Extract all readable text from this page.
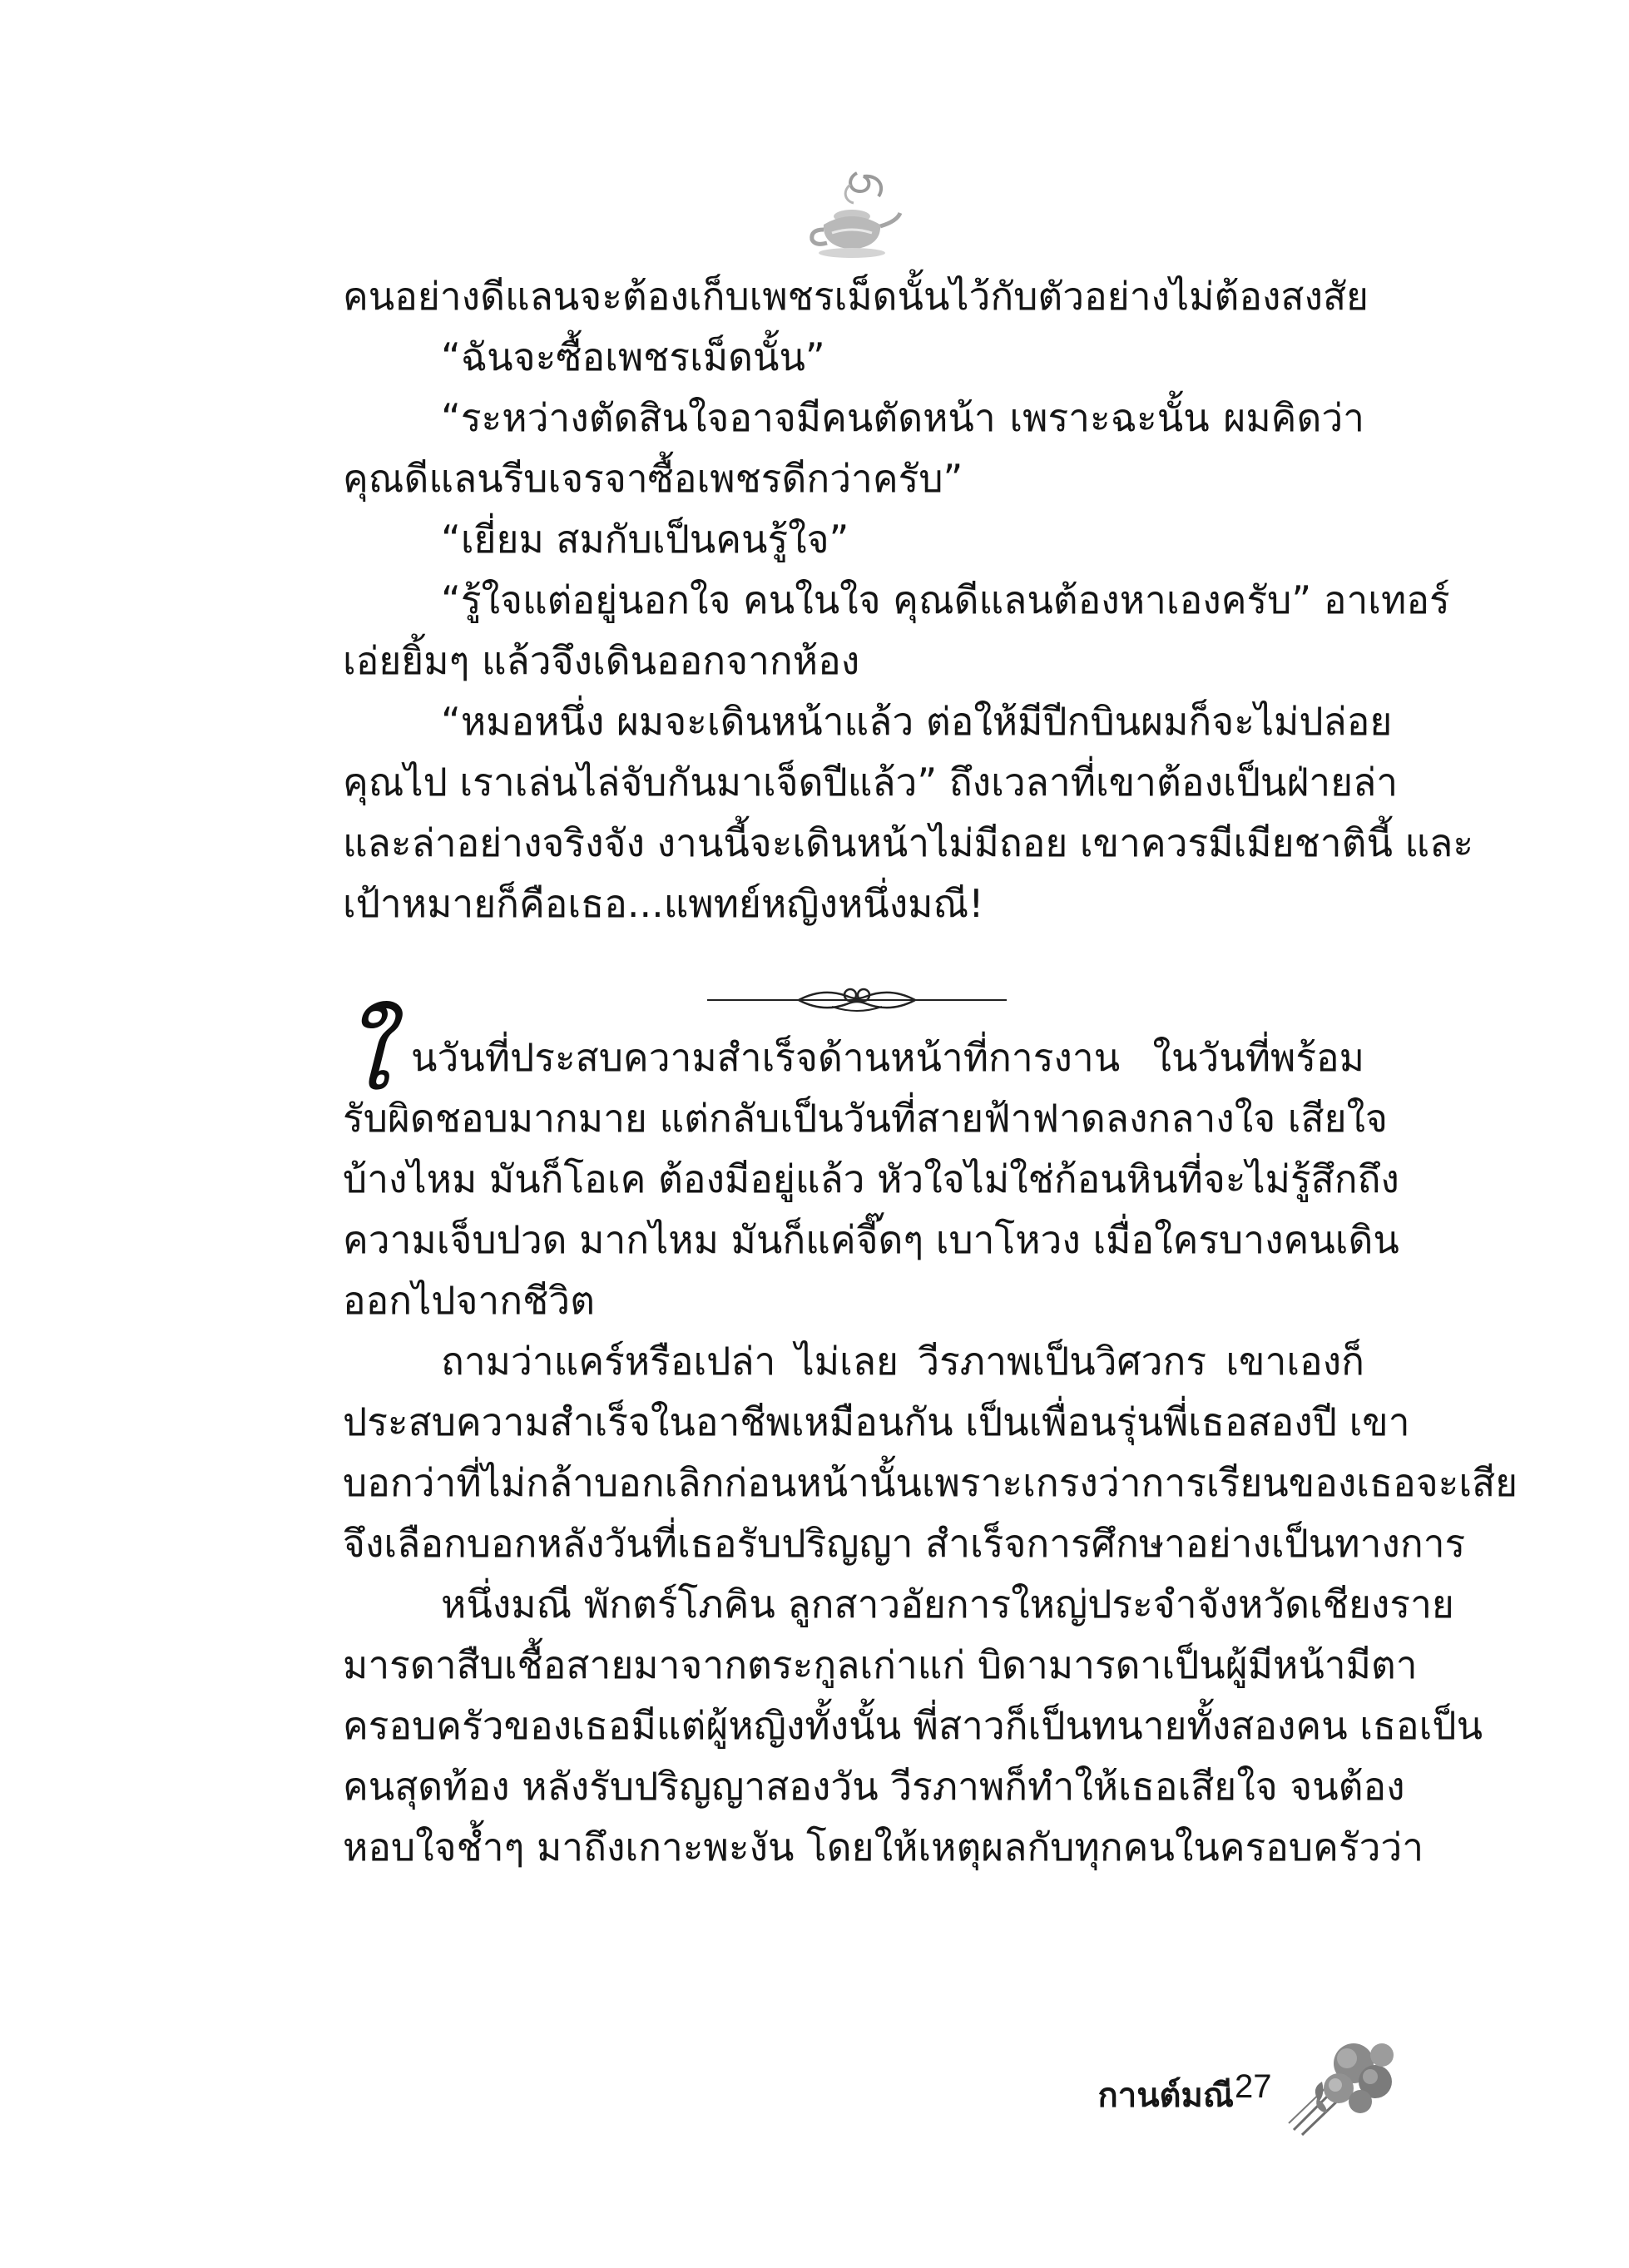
คนอย่างดีแลนจะต้องเก็บเพชรเม็ดนั้นไว้กับตัวอย่างไม่ต้องสงสัย
“ฉันจะซื้อเพชรเม็ดนั้น”
“ระหว่างตัดสินใจอาจมีคนตัดหน้า เพราะฉะนั้น ผมคิดว่า
คุณดีแลนรีบเจรจาซื้อเพชรดีกว่าครับ”
“เยี่ยม สมกับเป็นคนรู้ใจ”
“รู้ใจแต่อยู่นอกใจ คนในใจ คุณดีแลนต้องหาเองครับ” อาเทอร์
เอ่ยยิ้มๆ แล้วจึงเดินออกจากห้อง
“หมอหนึ่ง ผมจะเดินหน้าแล้ว ต่อให้มีปีกบินผมก็จะไม่ปล่อย
คุณไป เราเล่นไล่จับกันมาเจ็ดปีแล้ว” ถึงเวลาที่เขาต้องเป็นฝ่ายล่า
และล่าอย่างจริงจัง งานนี้จะเดินหน้าไม่มีถอย เขาควรมีเมียชาตินี้ และ
เป้าหมายก็คือเธอ...แพทย์หญิงหนึ่งมณี!
ใ นวันที่ประสบความสำเร็จด้านหน้าที่การงาน ในวันที่พร้อม
รับผิดชอบมากมาย แต่กลับเป็นวันที่สายฟ้าฟาดลงกลางใจ เสียใจ
บ้างไหม มันก็โอเค ต้องมีอยู่แล้ว หัวใจไม่ใช่ก้อนหินที่จะไม่รู้สึกถึง
ความเจ็บปวด มากไหม มันก็แค่จี๊ดๆ เบาโหวง เมื่อใครบางคนเดิน
ออกไปจากชีวิต
ถามว่าแคร์หรือเปล่า ไม่เลย วีรภาพเป็นวิศวกร เขาเองก็
ประสบความสำเร็จในอาชีพเหมือนกัน เป็นเพื่อนรุ่นพี่เธอสองปี เขา
บอกว่าที่ไม่กล้าบอกเลิกก่อนหน้านั้นเพราะเกรงว่าการเรียนของเธอจะเสีย
จึงเลือกบอกหลังวันที่เธอรับปริญญา สำเร็จการศึกษาอย่างเป็นทางการ
หนึ่งมณี พักตร์โภคิน ลูกสาวอัยการใหญ่ประจำจังหวัดเชียงราย
มารดาสืบเชื้อสายมาจากตระกูลเก่าแก่ บิดามารดาเป็นผู้มีหน้ามีตา
ครอบครัวของเธอมีแต่ผู้หญิงทั้งนั้น พี่สาวก็เป็นทนายทั้งสองคน เธอเป็น
คนสุดท้อง หลังรับปริญญาสองวัน วีรภาพก็ทำให้เธอเสียใจ จนต้อง
หอบใจช้ำๆ มาถึงเกาะพะงัน โดยให้เหตุผลกับทุกคนในครอบครัวว่า
กานต์มณี 27
